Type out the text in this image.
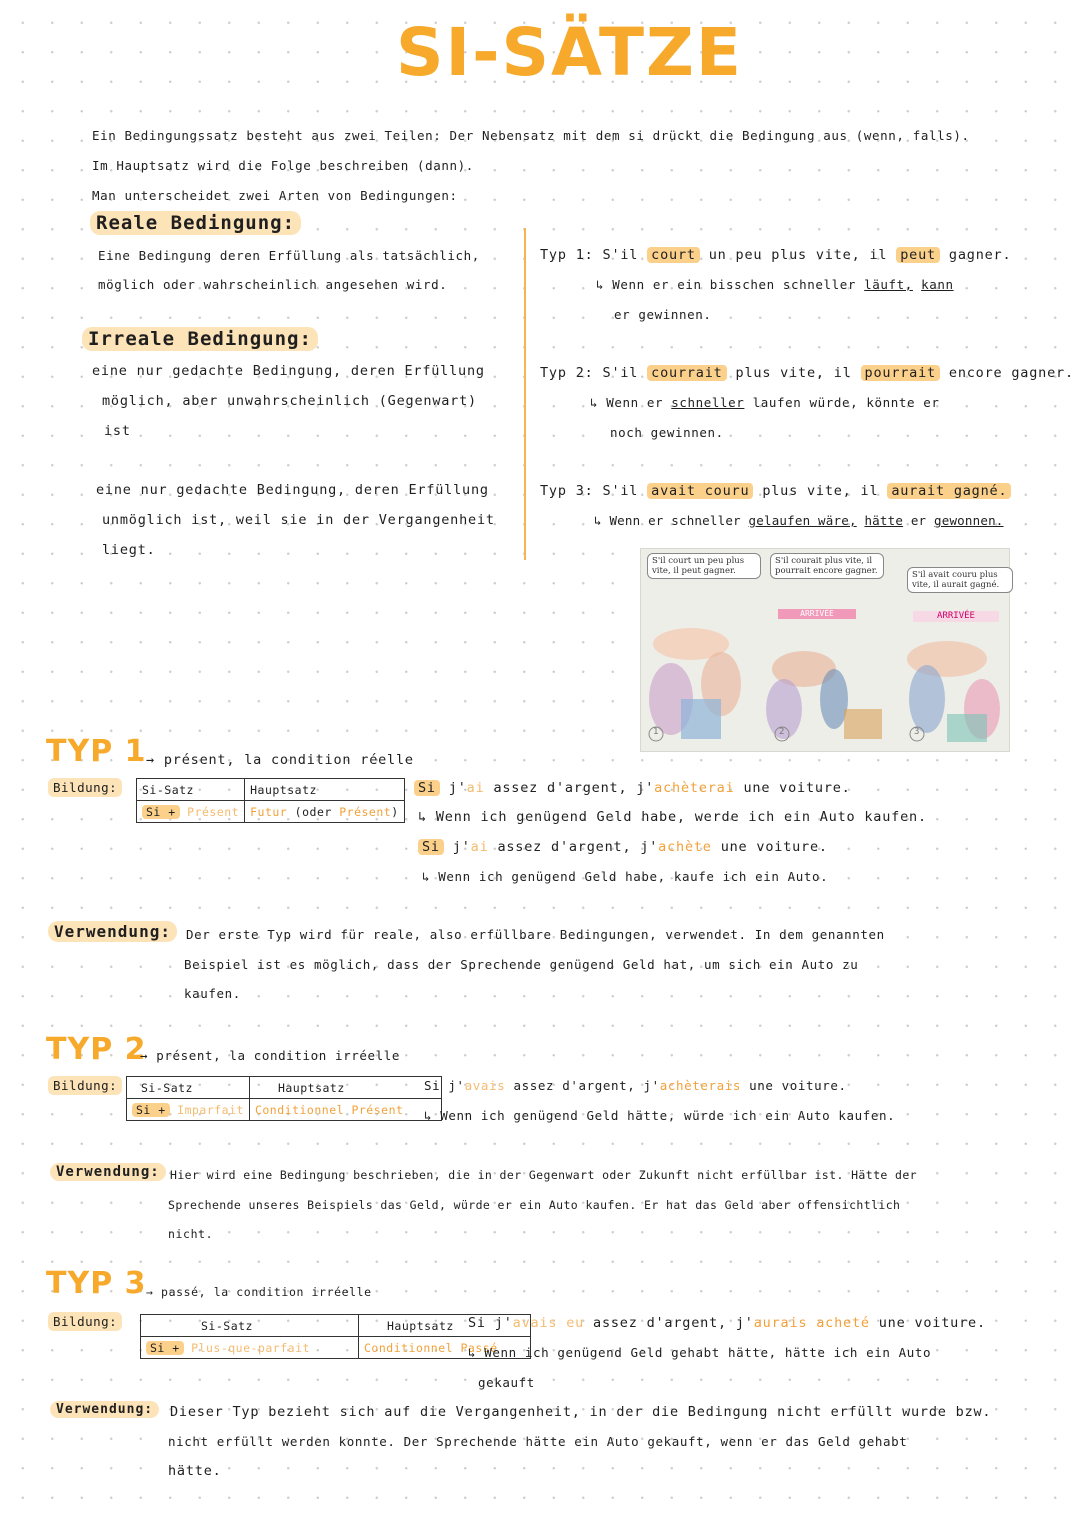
SI-SÄTZE
Ein Bedingungssatz besteht aus zwei Teilen: Der Nebensatz mit dem si drückt die Bedingung aus (wenn, falls).
Im Hauptsatz wird die Folge beschreiben (dann).
Man unterscheidet zwei Arten von Bedingungen:
Reale Bedingung:
Eine Bedingung deren Erfüllung als tatsächlich,
möglich oder wahrscheinlich angesehen wird.
Irreale Bedingung:
eine nur gedachte Bedingung, deren Erfüllung
möglich, aber unwahrscheinlich (Gegenwart)
ist
eine nur gedachte Bedingung, deren Erfüllung
unmöglich ist, weil sie in der Vergangenheit
liegt.
Typ 1: S'il court un peu plus vite, il peut gagner.
↳ Wenn er ein bisschen schneller läuft, kann
er gewinnen.
Typ 2: S'il courrait plus vite, il pourrait encore gagner.
↳ Wenn er schneller laufen würde, könnte er
noch gewinnen.
Typ 3: S'il avait couru plus vite, il aurait gagné.
↳ Wenn er schneller gelaufen wäre, hätte er gewonnen.
S'il court un peu plus vite, il peut gagner.
1
S'il courait plus vite, il pourrait encore gagner.
ARRIVÉE
2
S'il avait couru plus vite, il aurait gagné.
ARRIVÉE
3
TYP 1 → présent, la condition réelle
Bildung:	Si-Satz	Hauptsatz
Si + Présent	Futur (oder Présent)
Si j'ai assez d'argent, j'achèterai une voiture.
↳ Wenn ich genügend Geld habe, werde ich ein Auto kaufen.
Si j'ai assez d'argent, j'achète une voiture.
↳ Wenn ich genügend Geld habe, kaufe ich ein Auto.
Verwendung:	Der erste Typ wird für reale, also erfüllbare Bedingungen, verwendet. In dem genannten
Beispiel ist es möglich, dass der Sprechende genügend Geld hat, um sich ein Auto zu
kaufen.
TYP 2
→ présent, la condition irréelle
Bildung:	Si-Satz	Hauptsatz
Si + Imparfait	Conditionnel Présent
Si j'avais assez d'argent, j'achèterais une voiture.
↳ Wenn ich genügend Geld hätte, würde ich ein Auto kaufen.
Verwendung: Hier wird eine Bedingung beschrieben, die in der Gegenwart oder Zukunft nicht erfüllbar ist. Hätte der
Sprechende unseres Beispiels das Geld, würde er ein Auto kaufen. Er hat das Geld aber offensichtlich
nicht.
TYP 3 → passé, la condition irréelle
Bildung:	Si-Satz	Hauptsatz
Si + Plus-que-parfait	Conditionnel Passé
Si j'avais eu assez d'argent, j'aurais acheté une voiture.
↳ Wenn ich genügend Geld gehabt hätte, hätte ich ein Auto
gekauft
Verwendung:	Dieser Typ bezieht sich auf die Vergangenheit, in der die Bedingung nicht erfüllt wurde bzw.
nicht erfüllt werden konnte. Der Sprechende hätte ein Auto gekauft, wenn er das Geld gehabt
hätte.
